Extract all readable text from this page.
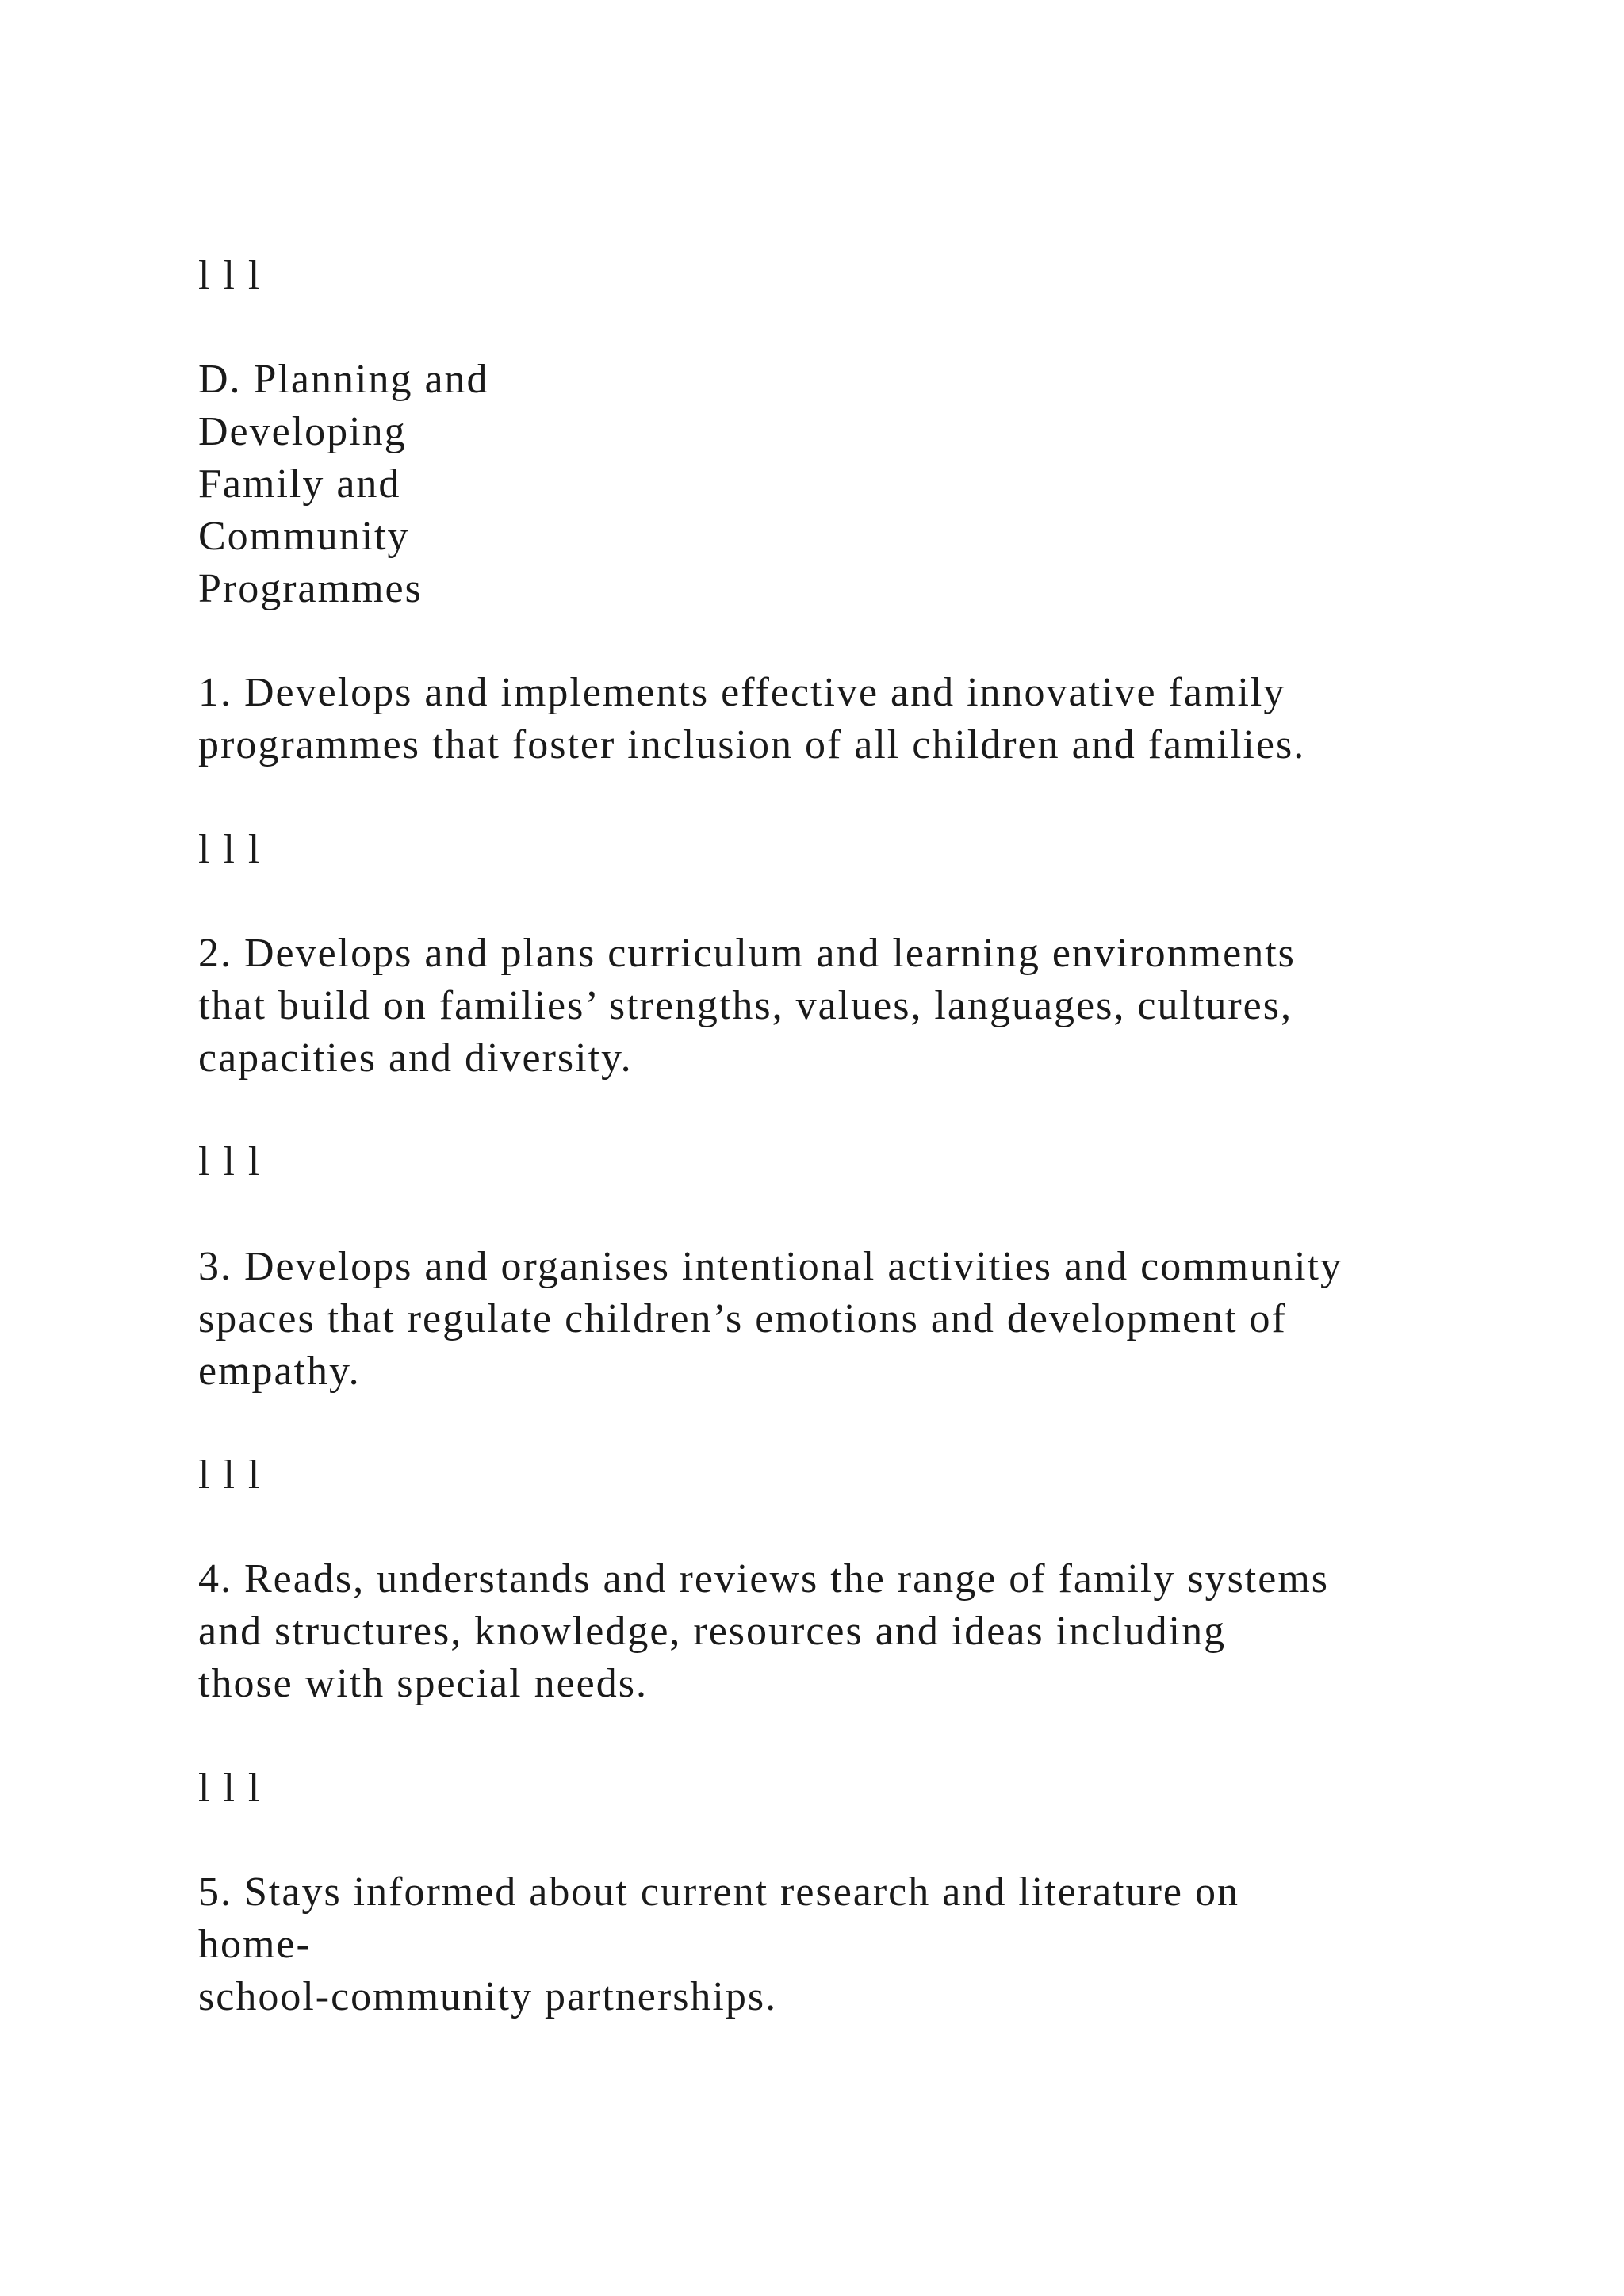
l l l

D. Planning and

Developing

Family and

Community

Programmes

1. Develops and implements effective and innovative family

programmes that foster inclusion of all children and families.

l l l

2. Develops and plans curriculum and learning environments

that build on families’ strengths, values, languages, cultures,

capacities and diversity.

l l l

3. Develops and organises intentional activities and community

spaces that regulate children’s emotions and development of

empathy.

l l l

4. Reads, understands and reviews the range of family systems

and structures, knowledge, resources and ideas including

those with special needs.

l l l

5. Stays informed about current research and literature on

home-

school-community partnerships.
